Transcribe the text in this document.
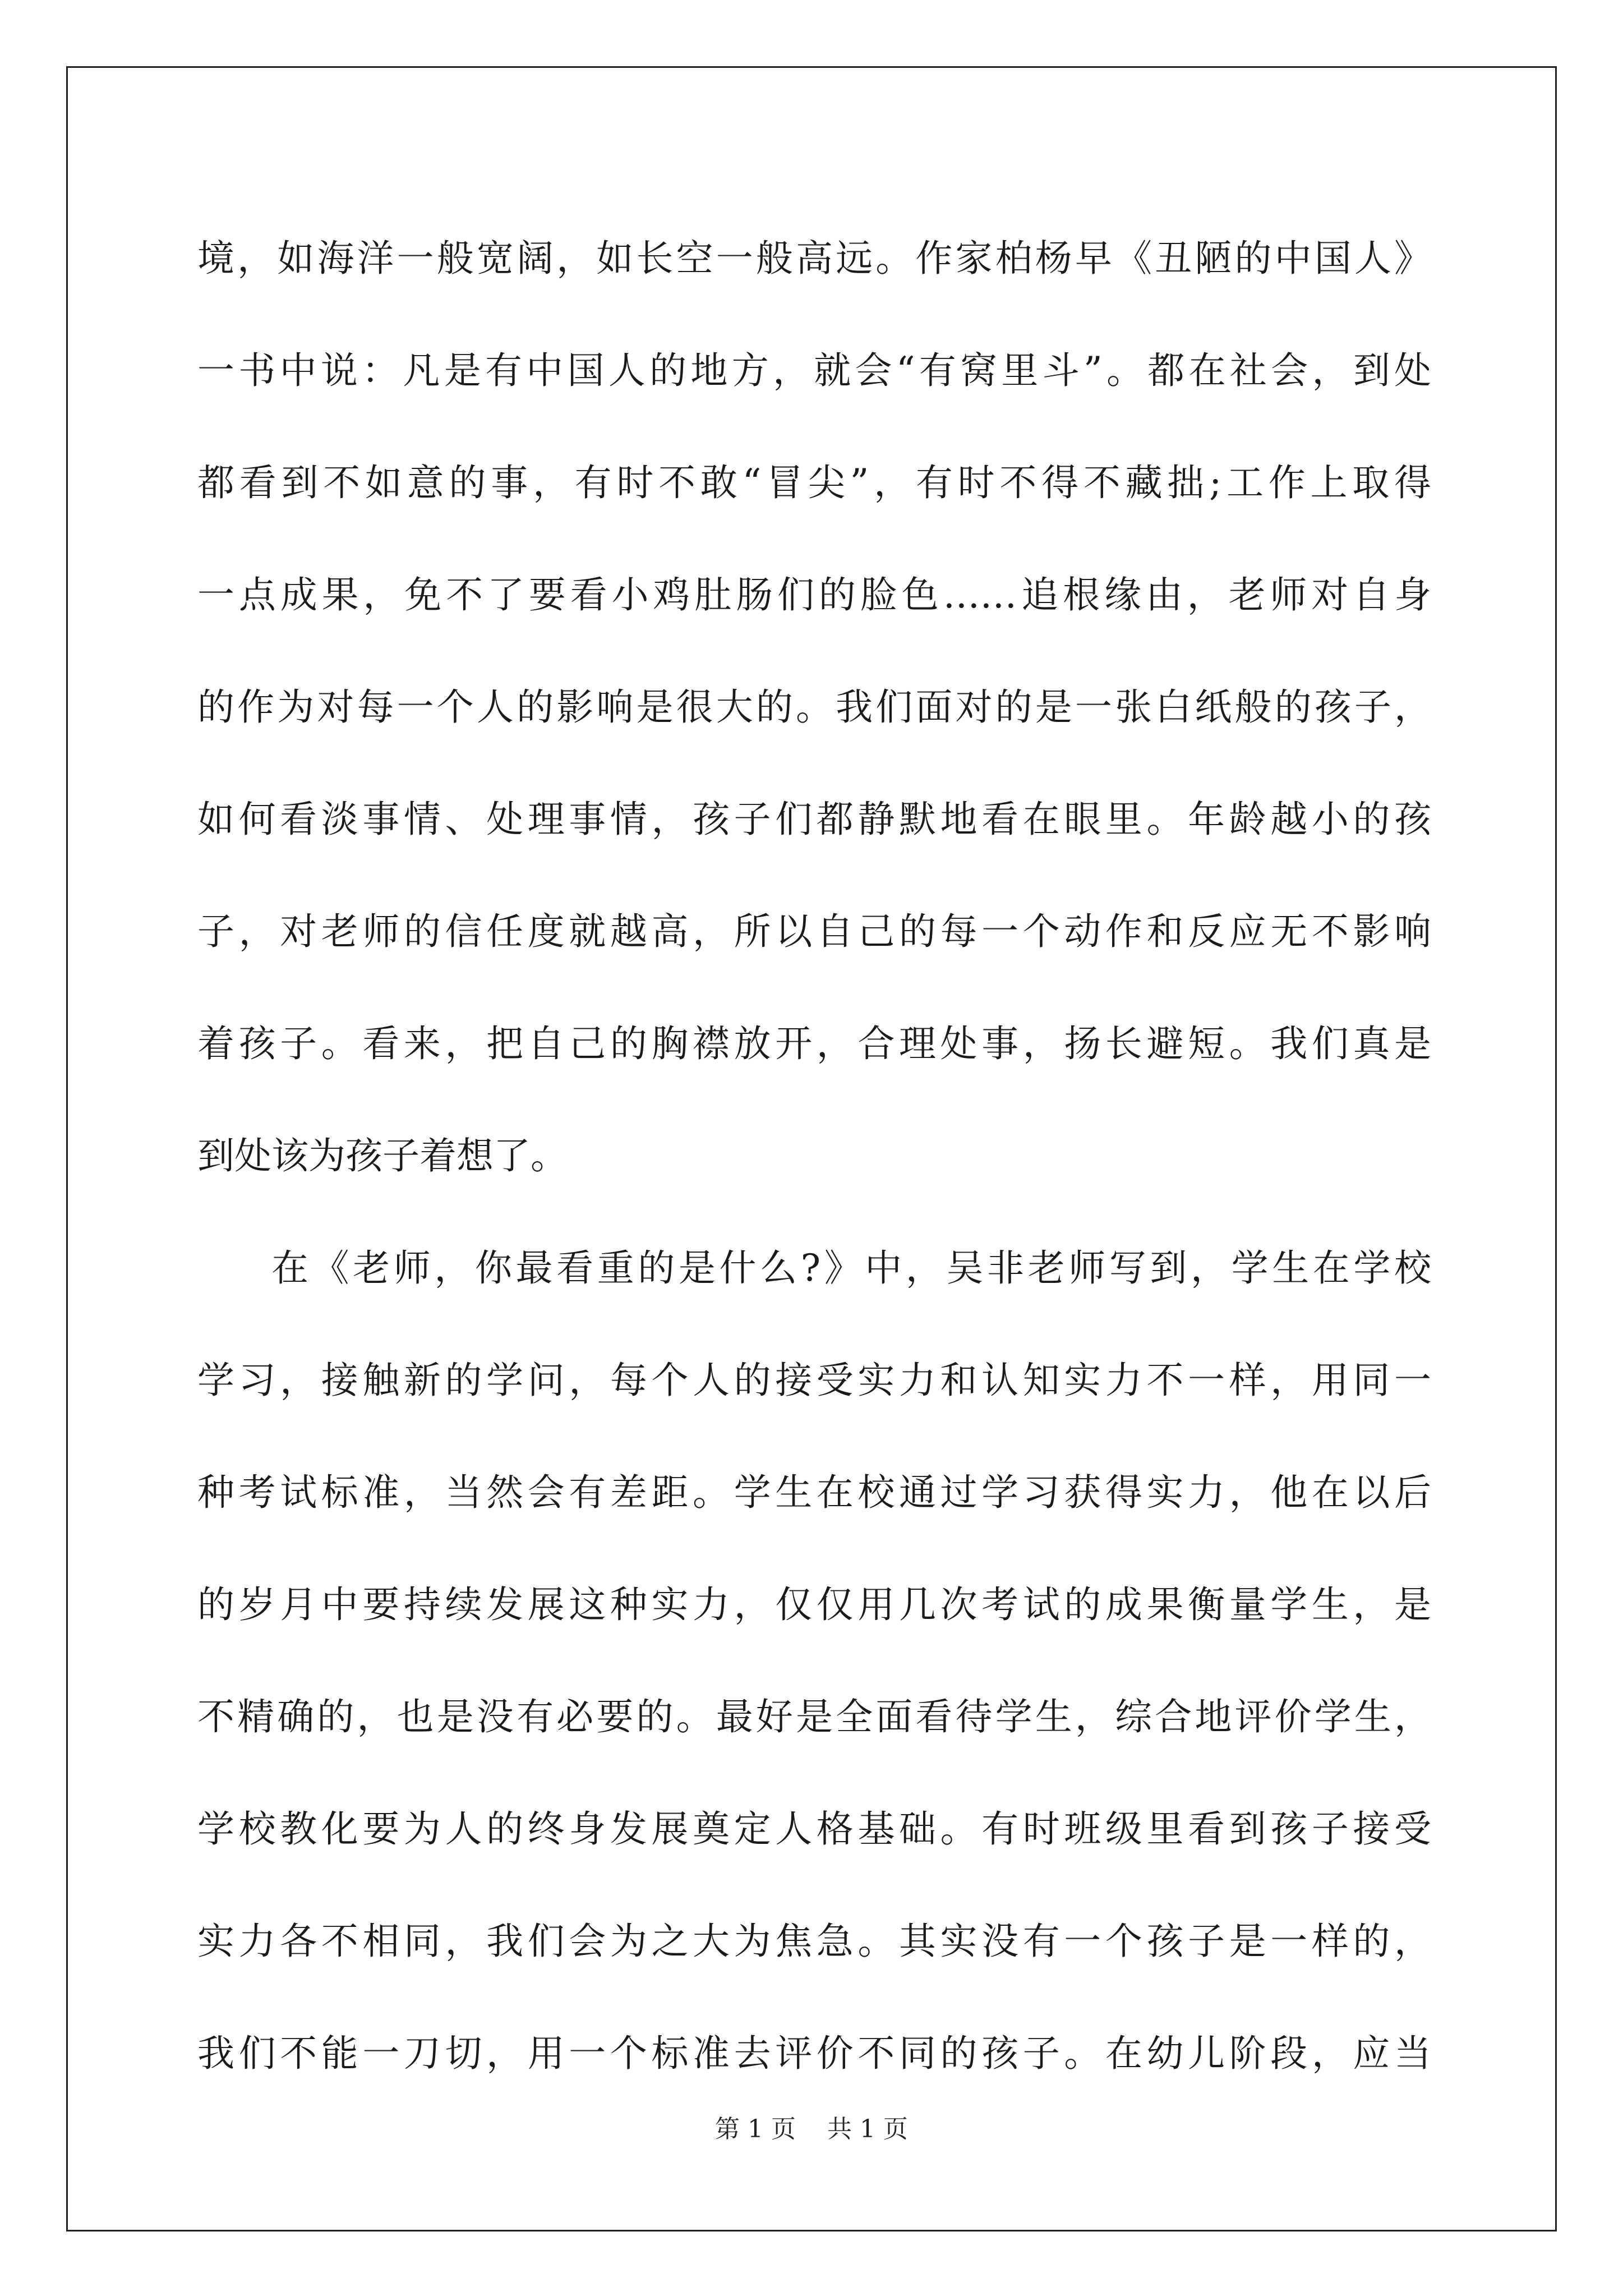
境，如海洋一般宽阔，如长空一般高远。作家柏杨早《丑陋的中国人》
一书中说：凡是有中国人的地方，就会“有窝里斗”。都在社会，到处
都看到不如意的事，有时不敢“冒尖”，有时不得不藏拙;工作上取得
一点成果，免不了要看小鸡肚肠们的脸色……追根缘由，老师对自身
的作为对每一个人的影响是很大的。我们面对的是一张白纸般的孩子，
如何看淡事情、处理事情，孩子们都静默地看在眼里。年龄越小的孩
子，对老师的信任度就越高，所以自己的每一个动作和反应无不影响
着孩子。看来，把自己的胸襟放开，合理处事，扬长避短。我们真是
到处该为孩子着想了。
在《老师，你最看重的是什么?》中，吴非老师写到，学生在学校
学习，接触新的学问，每个人的接受实力和认知实力不一样，用同一
种考试标准，当然会有差距。学生在校通过学习获得实力，他在以后
的岁月中要持续发展这种实力，仅仅用几次考试的成果衡量学生，是
不精确的，也是没有必要的。最好是全面看待学生，综合地评价学生，
学校教化要为人的终身发展奠定人格基础。有时班级里看到孩子接受
实力各不相同，我们会为之大为焦急。其实没有一个孩子是一样的，
我们不能一刀切，用一个标准去评价不同的孩子。在幼儿阶段，应当
第 1 页    共 1 页
